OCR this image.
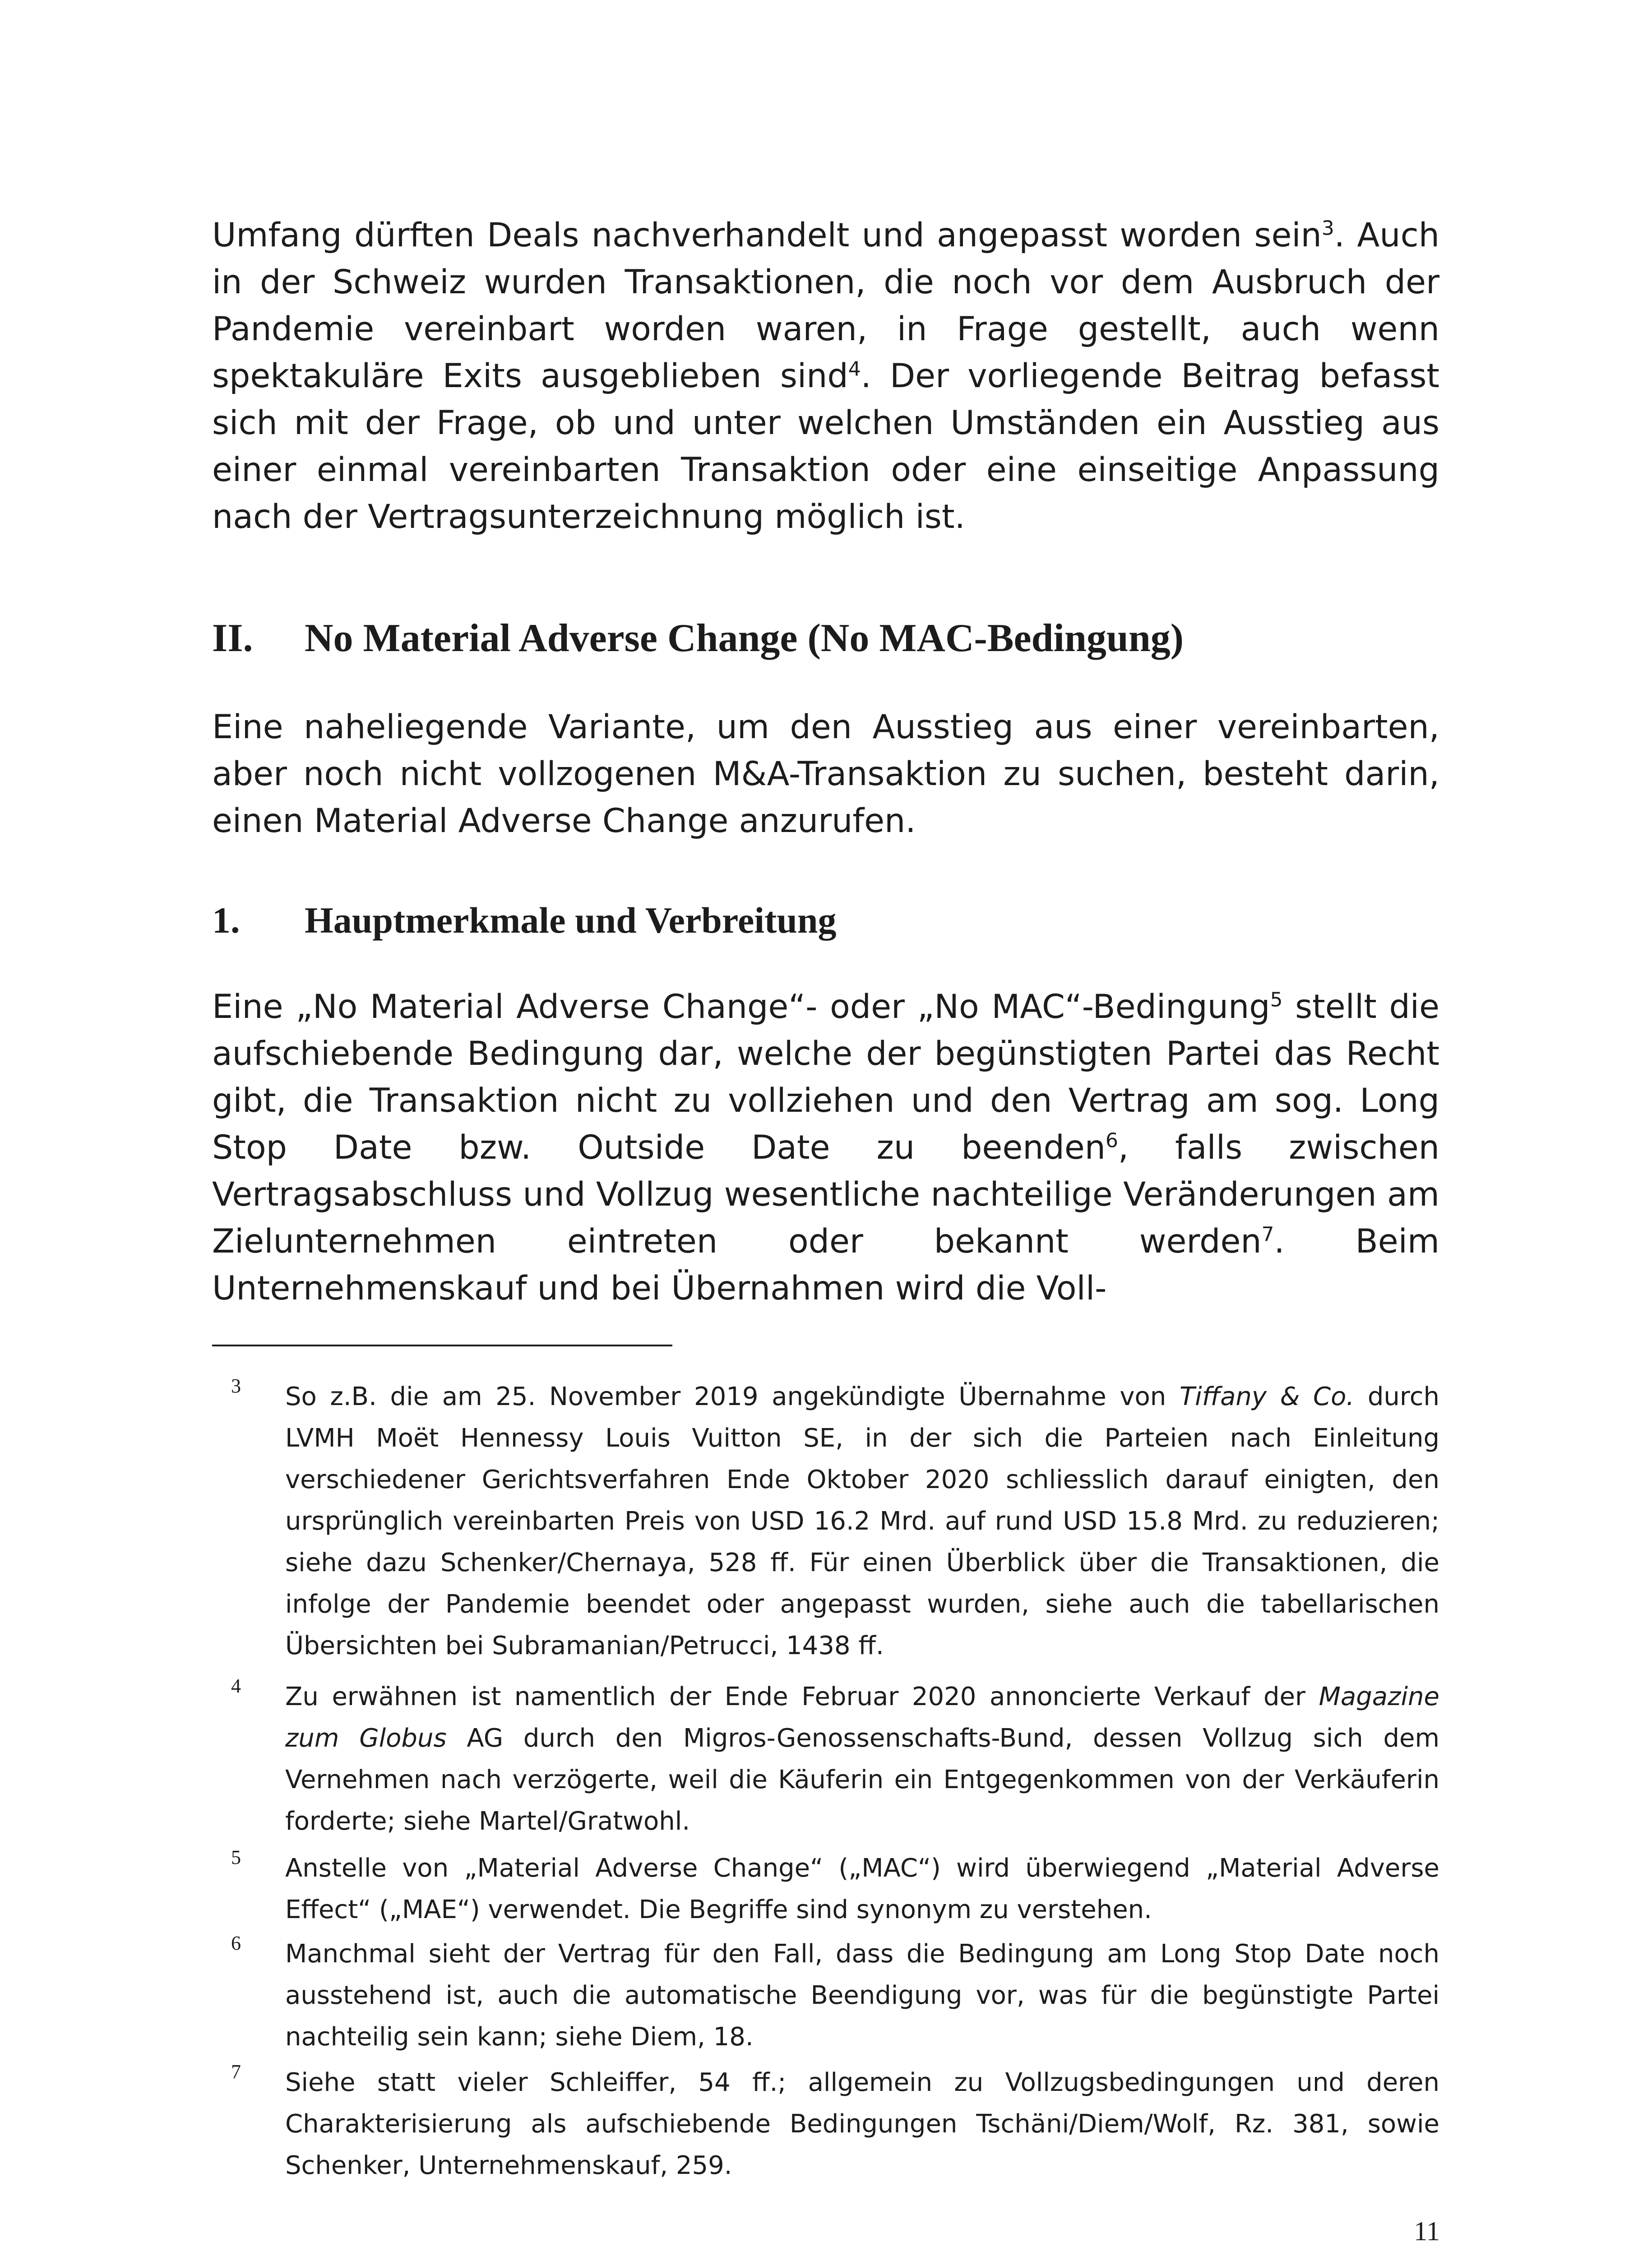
Umfang dürften Deals nachverhandelt und angepasst worden sein$^3$. Auch in der Schweiz wurden Transaktionen, die noch vor dem Ausbruch der Pandemie vereinbart worden waren, in Frage gestellt, auch wenn spektakuläre Exits ausgeblieben sind$^4$. Der vorliegende Beitrag befasst sich mit der Frage, ob und unter welchen Umständen ein Ausstieg aus einer einmal vereinbarten Transaktion oder eine einseitige Anpassung nach der Vertragsunterzeichnung möglich ist.

II. No Material Adverse Change (No MAC-Bedingung)

Eine naheliegende Variante, um den Ausstieg aus einer vereinbarten, aber noch nicht vollzogenen M&A-Transaktion zu suchen, besteht darin, einen Material Adverse Change anzurufen.

1. Hauptmerkmale und Verbreitung

Eine „No Material Adverse Change“- oder „No MAC“-Bedingung$^5$ stellt die aufschiebende Bedingung dar, welche der begünstigten Partei das Recht gibt, die Transaktion nicht zu vollziehen und den Vertrag am sog. Long Stop Date bzw. Outside Date zu beenden$^6$, falls zwischen Vertragsabschluss und Vollzug wesentliche nachteilige Veränderungen am Zielunternehmen eintreten oder bekannt werden$^7$. Beim Unternehmenskauf und bei Übernahmen wird die Voll-

3 So z.B. die am 25. November 2019 angekündigte Übernahme von Tiffany & Co. durch LVMH Moët Hennessy Louis Vuitton SE, in der sich die Parteien nach Einleitung verschiedener Gerichtsverfahren Ende Oktober 2020 schliesslich darauf einigten, den ursprünglich vereinbarten Preis von USD 16.2 Mrd. auf rund USD 15.8 Mrd. zu reduzieren; siehe dazu Schenker/Chernaya, 528 ff. Für einen Überblick über die Transaktionen, die infolge der Pandemie beendet oder angepasst wurden, siehe auch die tabellarischen Übersichten bei Subramanian/Petrucci, 1438 ff.

4 Zu erwähnen ist namentlich der Ende Februar 2020 annoncierte Verkauf der Magazine zum Globus AG durch den Migros-Genossenschafts-Bund, dessen Vollzug sich dem Vernehmen nach verzögerte, weil die Käuferin ein Entgegenkommen von der Verkäuferin forderte; siehe Martel/Gratwohl.

5 Anstelle von „Material Adverse Change“ („MAC“) wird überwiegend „Material Adverse Effect“ („MAE“) verwendet. Die Begriffe sind synonym zu verstehen.

6 Manchmal sieht der Vertrag für den Fall, dass die Bedingung am Long Stop Date noch ausstehend ist, auch die automatische Beendigung vor, was für die begünstigte Partei nachteilig sein kann; siehe Diem, 18.

7 Siehe statt vieler Schleiffer, 54 ff.; allgemein zu Vollzugsbedingungen und deren Charakterisierung als aufschiebende Bedingungen Tschäni/Diem/Wolf, Rz. 381, sowie Schenker, Unternehmenskauf, 259.

11
